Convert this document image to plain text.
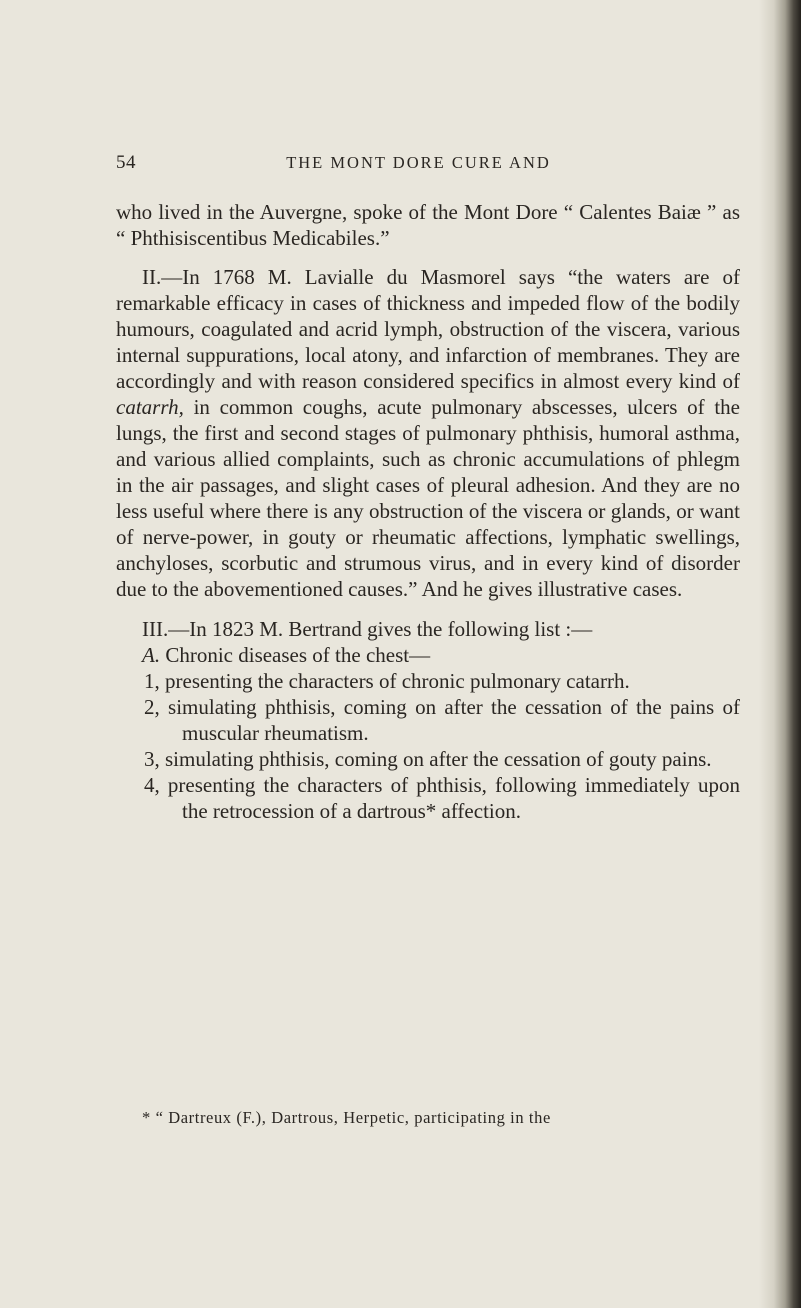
54	THE MONT DORE CURE AND

who lived in the Auvergne, spoke of the Mont Dore “ Calentes Baiæ ” as “ Phthisiscentibus Medicabiles.”

II.—In 1768 M. Lavialle du Masmorel says “the waters are of remarkable efficacy in cases of thickness and impeded flow of the bodily humours, coagulated and acrid lymph, obstruction of the viscera, various internal suppurations, local atony, and infarction of membranes. They are accordingly and with reason considered specifics in almost every kind of catarrh, in common coughs, acute pulmonary abscesses, ulcers of the lungs, the first and second stages of pulmonary phthisis, humoral asthma, and various allied complaints, such as chronic accumulations of phlegm in the air passages, and slight cases of pleural adhesion. And they are no less useful where there is any obstruction of the viscera or glands, or want of nerve-power, in gouty or rheumatic affections, lymphatic swellings, anchyloses, scorbutic and strumous virus, and in every kind of disorder due to the abovementioned causes.” And he gives illustrative cases.

III.—In 1823 M. Bertrand gives the following list :—

A. Chronic diseases of the chest—

1, presenting the characters of chronic pulmonary catarrh.
2, simulating phthisis, coming on after the cessation of the pains of muscular rheumatism.
3, simulating phthisis, coming on after the cessation of gouty pains.
4, presenting the characters of phthisis, following immediately upon the retrocession of a dartrous* affection.
* “ Dartreux (F.), Dartrous, Herpetic, participating in the
